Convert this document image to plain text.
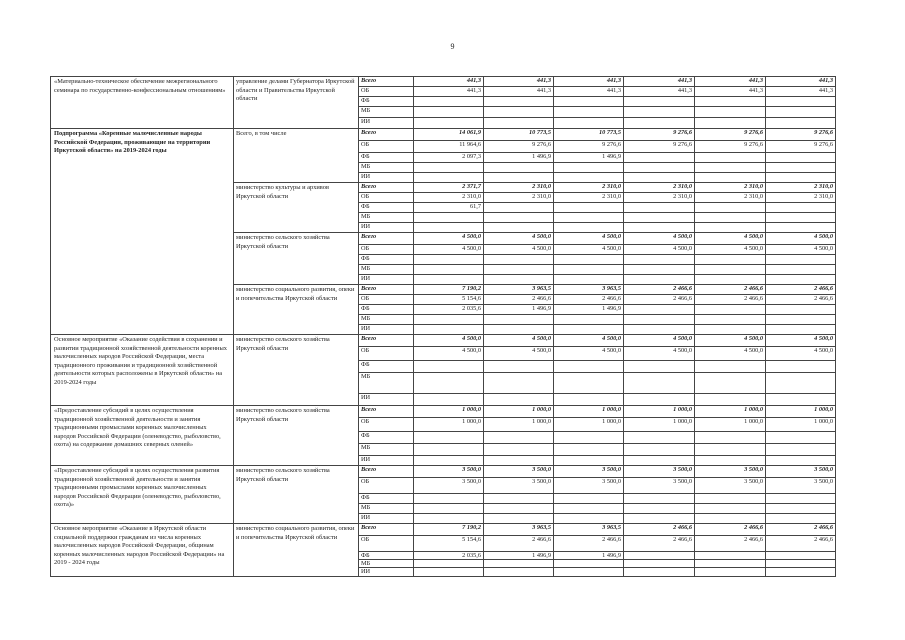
9
«Материально-техническое обеспечение межрегионального семинара по государственно-конфессиональным отношениям»	управление делами Губернатора Иркутской области и Правительства Иркутской области	Всего	441,3	441,3	441,3	441,3	441,3	441,3
		ОБ	441,3	441,3	441,3	441,3	441,3	441,3
		ФБ						
		МБ						
		ИИ						
Подпрограмма «Коренные малочисленные народы Российской Федерации, проживающие на территории Иркутской области» на 2019-2024 годы	Всего, в том числе	Всего	14 061,9	10 773,5	10 773,5	9 276,6	9 276,6	9 276,6
		ОБ	11 964,6	9 276,6	9 276,6	9 276,6	9 276,6	9 276,6
		ФБ	2 097,3	1 496,9	1 496,9			
		МБ						
		ИИ						
	министерство культуры и архивов Иркутской области	Всего	2 371,7	2 310,0	2 310,0	2 310,0	2 310,0	2 310,0
		ОБ	2 310,0	2 310,0	2 310,0	2 310,0	2 310,0	2 310,0
		ФБ	61,7					
		МБ						
		ИИ						
	министерство сельского хозяйства Иркутской области	Всего	4 500,0	4 500,0	4 500,0	4 500,0	4 500,0	4 500,0
		ОБ	4 500,0	4 500,0	4 500,0	4 500,0	4 500,0	4 500,0
		ФБ						
		МБ						
		ИИ						
	министерство социального развития, опеки и попечительства Иркутской области	Всего	7 190,2	3 963,5	3 963,5	2 466,6	2 466,6	2 466,6
		ОБ	5 154,6	2 466,6	2 466,6	2 466,6	2 466,6	2 466,6
		ФБ	2 035,6	1 496,9	1 496,9			
		МБ						
		ИИ						
Основное мероприятие «Оказание содействия в сохранении и развитии традиционной хозяйственной деятельности коренных малочисленных народов Российской Федерации, места традиционного проживания и традиционной хозяйственной деятельности которых расположены в Иркутской области» на 2019-2024 годы	министерство сельского хозяйства Иркутской области	Всего	4 500,0	4 500,0	4 500,0	4 500,0	4 500,0	4 500,0
		ОБ	4 500,0	4 500,0	4 500,0	4 500,0	4 500,0	4 500,0
		ФБ						
		МБ						
		ИИ						
«Предоставление субсидий в целях осуществления традиционной хозяйственной деятельности и занятия традиционными промыслами коренных малочисленных народов Российской Федерации (оленеводство, рыболовство, охота) на содержание домашних северных оленей»	министерство сельского хозяйства Иркутской области	Всего	1 000,0	1 000,0	1 000,0	1 000,0	1 000,0	1 000,0
		ОБ	1 000,0	1 000,0	1 000,0	1 000,0	1 000,0	1 000,0
		ФБ						
		МБ						
		ИИ						
«Предоставление субсидий в целях осуществления развития традиционной хозяйственной деятельности и занятия традиционными промыслами коренных малочисленных народов Российской Федерации (оленеводство, рыболовство, охота)»	министерство сельского хозяйства Иркутской области	Всего	3 500,0	3 500,0	3 500,0	3 500,0	3 500,0	3 500,0
		ОБ	3 500,0	3 500,0	3 500,0	3 500,0	3 500,0	3 500,0
		ФБ						
		МБ						
		ИИ						
Основное мероприятие «Оказание в Иркутской области социальной поддержки гражданам из числа коренных малочисленных народов Российской Федерации, общинам коренных малочисленных народов Российской Федерации» на 2019 - 2024 годы	министерство социального развития, опеки и попечительства Иркутской области	Всего	7 190,2	3 963,5	3 963,5	2 466,6	2 466,6	2 466,6
		ОБ	5 154,6	2 466,6	2 466,6	2 466,6	2 466,6	2 466,6
		ФБ	2 035,6	1 496,9	1 496,9			
		МБ						
		ИИ						
